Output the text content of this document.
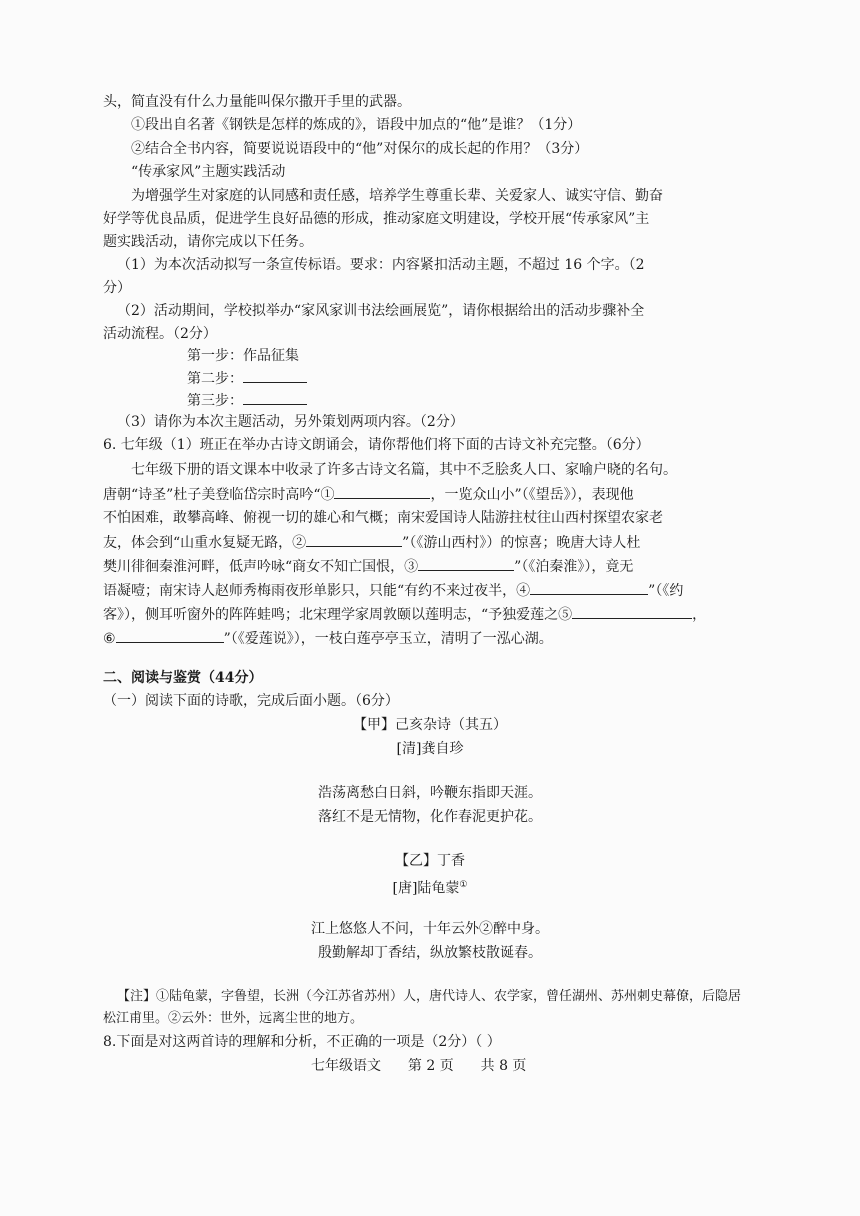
头，简直没有什么力量能叫保尔撒开手里的武器。
①段出自名著《钢铁是怎样的炼成的》，语段中加点的“他”是谁？（1分）
②结合全书内容，简要说说语段中的“他”对保尔的成长起的作用？（3分）
“传承家风”主题实践活动
为增强学生对家庭的认同感和责任感，培养学生尊重长辈、关爱家人、诚实守信、勤奋
好学等优良品质，促进学生良好品德的形成，推动家庭文明建设，学校开展“传承家风”主
题实践活动，请你完成以下任务。
（1）为本次活动拟写一条宣传标语。要求：内容紧扣活动主题，不超过 16 个字。（2
分）
（2）活动期间，学校拟举办“家风家训书法绘画展览”，请你根据给出的活动步骤补全
活动流程。（2分）
第一步：作品征集
第二步：
第三步：
（3）请你为本次主题活动，另外策划两项内容。（2分）
6. 七年级（1）班正在举办古诗文朗诵会，请你帮他们将下面的古诗文补充完整。（6分）
七年级下册的语文课本中收录了许多古诗文名篇，其中不乏脍炙人口、家喻户晓的名句。
唐朝“诗圣”杜子美登临岱宗时高吟“①	，一览众山小”（《望岳》），表现他
不怕困难，敢攀高峰、俯视一切的雄心和气概；南宋爱国诗人陆游拄杖往山西村探望农家老
友，体会到“山重水复疑无路，②	”（《游山西村》）的惊喜；晚唐大诗人杜
樊川徘徊秦淮河畔，低声吟咏“商女不知亡国恨，③	”（《泊秦淮》），竟无
语凝噎；南宋诗人赵师秀梅雨夜形单影只，只能“有约不来过夜半，④	”（《约
客》），侧耳听窗外的阵阵蛙鸣；北宋理学家周敦颐以莲明志，“予独爱莲之⑤	，
⑥	”（《爱莲说》），一枝白莲亭亭玉立，清明了一泓心湖。
二、阅读与鉴赏（44分）
（一）阅读下面的诗歌，完成后面小题。（6分）
【甲】己亥杂诗（其五）
[清]龚自珍
浩荡离愁白日斜，吟鞭东指即天涯。
落红不是无情物，化作春泥更护花。
【乙】丁香
[唐]陆龟蒙①
江上悠悠人不问，十年云外②醉中身。
殷勤解却丁香结，纵放繁枝散诞春。
【注】①陆龟蒙，字鲁望，长洲（今江苏省苏州）人，唐代诗人、农学家，曾任湖州、苏州刺史幕僚，后隐居
松江甫里。②云外：世外，远离尘世的地方。
8.下面是对这两首诗的理解和分析，不正确的一项是（2分）（ ）
七年级语文 第 2 页 共 8 页
